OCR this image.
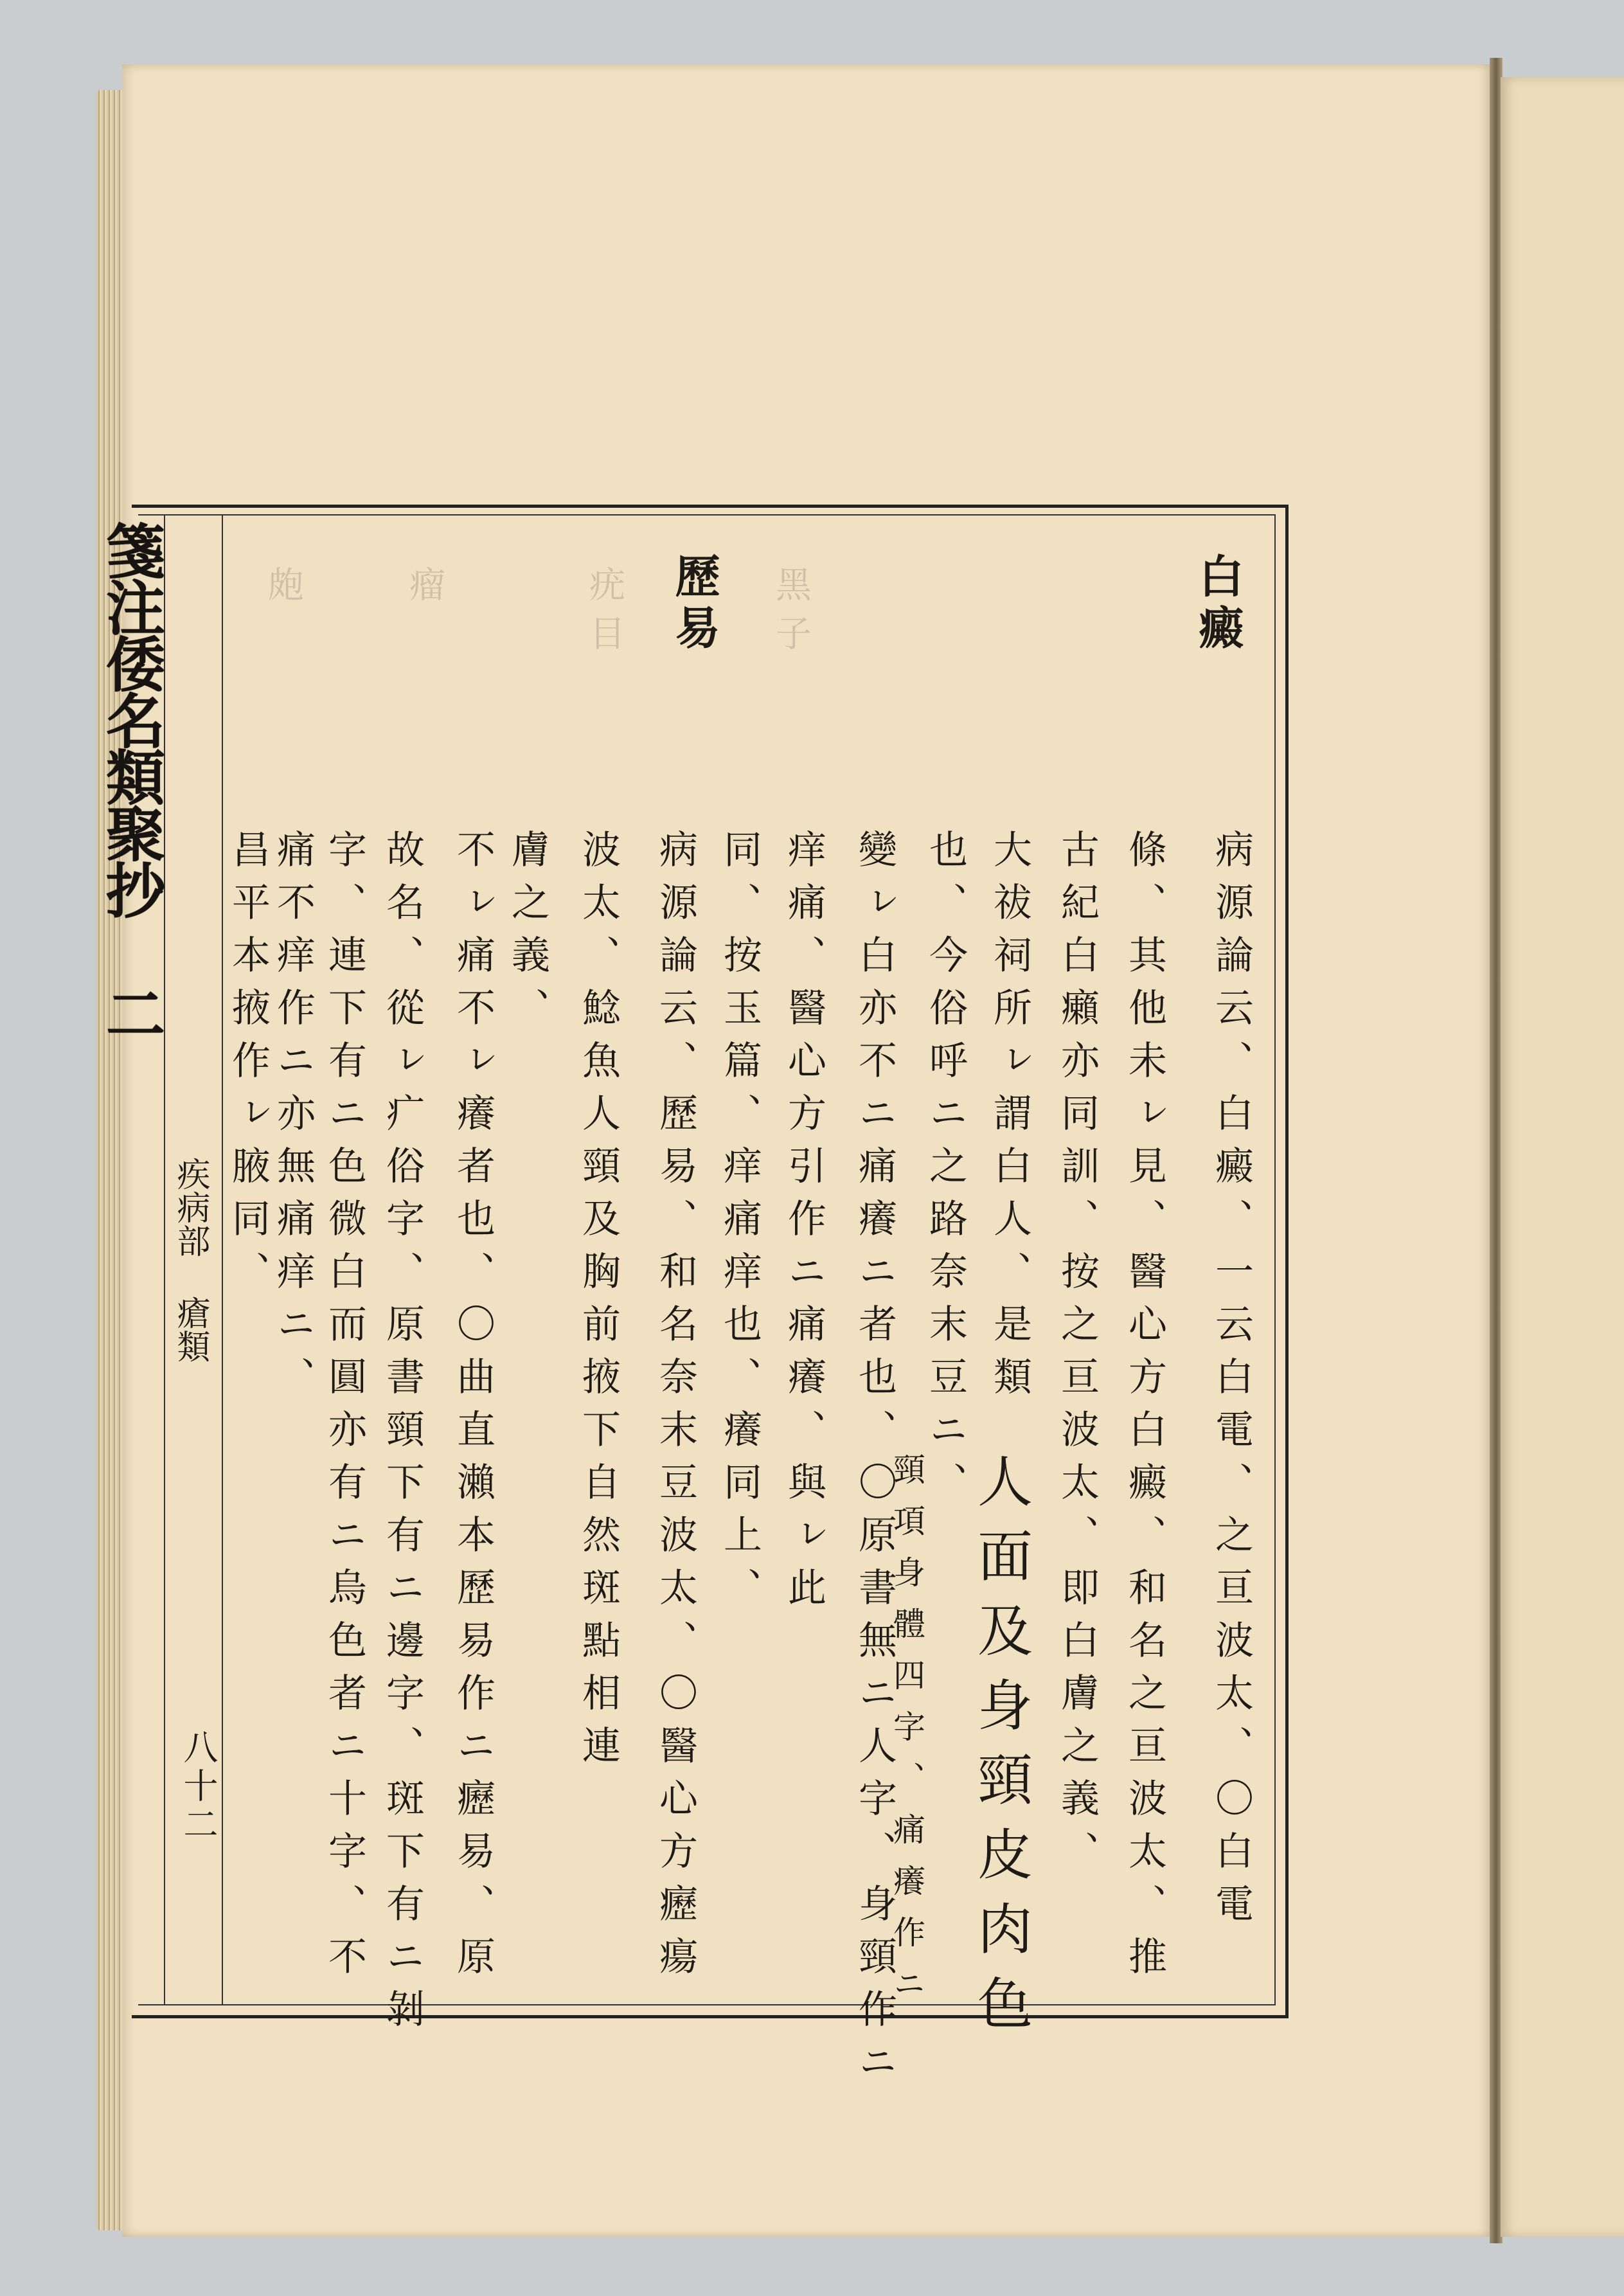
箋注倭名類聚抄 二
疾病部 瘡類
八十二
黑子
疣目
瘤
皰	白癜
病源論云、白癜、一云白電、之亘波太、〇白電
條、其他未ㇾ見、醫心方白癜、和名之亘波太、推
古紀白癩亦同訓、按之亘波太、即白膚之義、
大祓祠所ㇾ謂白人、是類
人面及身頸皮肉色
也、今俗呼ニ之路奈末豆ニ、
變ㇾ白亦不ニ痛癢ニ者也、〇原書無ニ人字、身頸作ニ
頸項身體四字、痛癢作ニ
痒痛、醫心方引作ニ痛癢、與ㇾ此
同、按玉篇、痒痛痒也、癢同上、
歷易
病源論云、歷易、和名奈末豆波太、〇醫心方癧瘍
波太、鯰魚人頸及胸前掖下自然斑點相連
膚之義、
不ㇾ痛不ㇾ癢者也、〇曲直瀨本歷易作ニ癧易、原
故名、從ㇾ疒俗字、原書頸下有ニ邊字、斑下有ニ剝
字、連下有ニ色微白而圓亦有ニ烏色者ニ十字、不
痛不痒作ニ亦無痛痒ニ、
昌平本掖作ㇾ腋同、
